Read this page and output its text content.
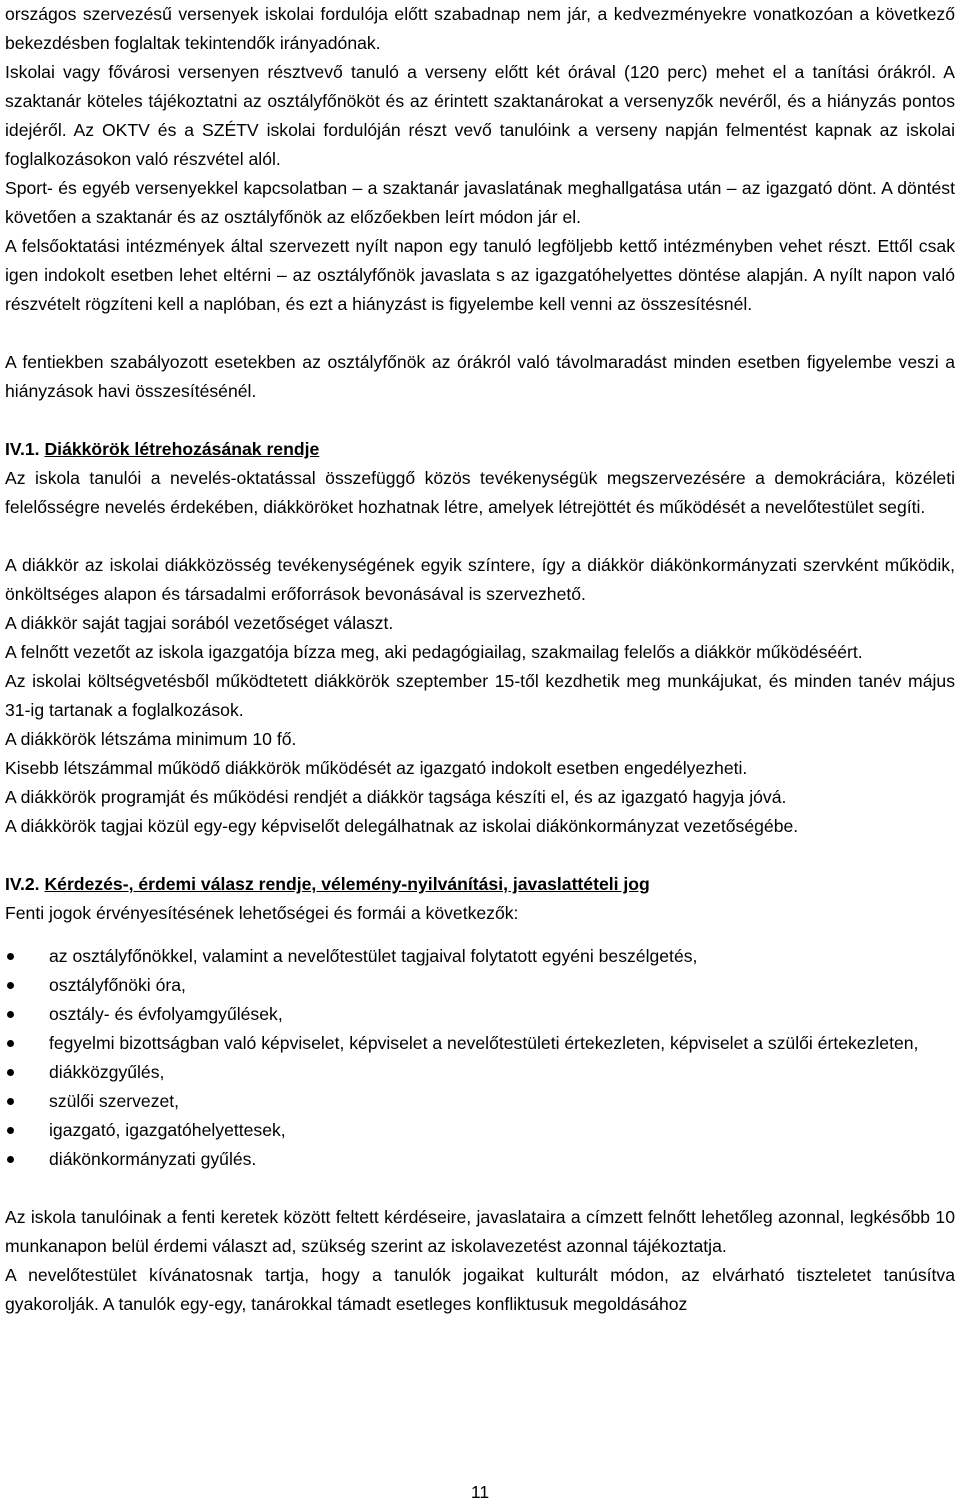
országos szervezésű versenyek iskolai fordulója előtt szabadnap nem jár, a kedvezményekre vonatkozóan a következő bekezdésben foglaltak tekintendők irányadónak.

Iskolai vagy fővárosi versenyen résztvevő tanuló a verseny előtt két órával (120 perc) mehet el a tanítási órákról. A szaktanár köteles tájékoztatni az osztályfőnököt és az érintett szaktanárokat a versenyzők nevéről, és a hiányzás pontos idejéről. Az OKTV és a SZÉTV iskolai fordulóján részt vevő tanulóink a verseny napján felmentést kapnak az iskolai foglalkozásokon való részvétel alól.

Sport- és egyéb versenyekkel kapcsolatban – a szaktanár javaslatának meghallgatása után – az igazgató dönt. A döntést követően a szaktanár és az osztályfőnök az előzőekben leírt módon jár el.

A felsőoktatási intézmények által szervezett nyílt napon egy tanuló legföljebb kettő intézményben vehet részt. Ettől csak igen indokolt esetben lehet eltérni – az osztályfőnök javaslata s az igazgatóhelyettes döntése alapján. A nyílt napon való részvételt rögzíteni kell a naplóban, és ezt a hiányzást is figyelembe kell venni az összesítésnél.

A fentiekben szabályozott esetekben az osztályfőnök az órákról való távolmaradást minden esetben figyelembe veszi a hiányzások havi összesítésénél.

IV.1. Diákkörök létrehozásának rendje

Az iskola tanulói a nevelés-oktatással összefüggő közös tevékenységük megszervezésére a demokráciára, közéleti felelősségre nevelés érdekében, diákköröket hozhatnak létre, amelyek létrejöttét és működését a nevelőtestület segíti.

A diákkör az iskolai diákközösség tevékenységének egyik színtere, így a diákkör diákönkormányzati szervként működik, önköltséges alapon és társadalmi erőforrások bevonásával is szervezhető.

A diákkör saját tagjai sorából vezetőséget választ.

A felnőtt vezetőt az iskola igazgatója bízza meg, aki pedagógiailag, szakmailag felelős a diákkör működéséért.

Az iskolai költségvetésből működtetett diákkörök szeptember 15-től kezdhetik meg munkájukat, és minden tanév május 31-ig tartanak a foglalkozások.

A diákkörök létszáma minimum 10 fő.

Kisebb létszámmal működő diákkörök működését az igazgató indokolt esetben engedélyezheti.

A diákkörök programját és működési rendjét a diákkör tagsága készíti el, és az igazgató hagyja jóvá.

A diákkörök tagjai közül egy-egy képviselőt delegálhatnak az iskolai diákönkormányzat vezetőségébe.

IV.2. Kérdezés-, érdemi válasz rendje, vélemény-nyilvánítási, javaslattételi jog

Fenti jogok érvényesítésének lehetőségei és formái a következők:

az osztályfőnökkel, valamint a nevelőtestület tagjaival folytatott egyéni beszélgetés,
osztályfőnöki óra,
osztály- és évfolyamgyűlések,
fegyelmi bizottságban való képviselet, képviselet a nevelőtestületi értekezleten, képviselet a szülői értekezleten,
diákközgyűlés,
szülői szervezet,
igazgató, igazgatóhelyettesek,
diákönkormányzati gyűlés.

Az iskola tanulóinak a fenti keretek között feltett kérdéseire, javaslataira a címzett felnőtt lehetőleg azonnal, legkésőbb 10 munkanapon belül érdemi választ ad, szükség szerint az iskolavezetést azonnal tájékoztatja.

A nevelőtestület kívánatosnak tartja, hogy a tanulók jogaikat kulturált módon, az elvárható tiszteletet tanúsítva gyakorolják. A tanulók egy-egy, tanárokkal támadt esetleges konfliktusuk megoldásához

11
